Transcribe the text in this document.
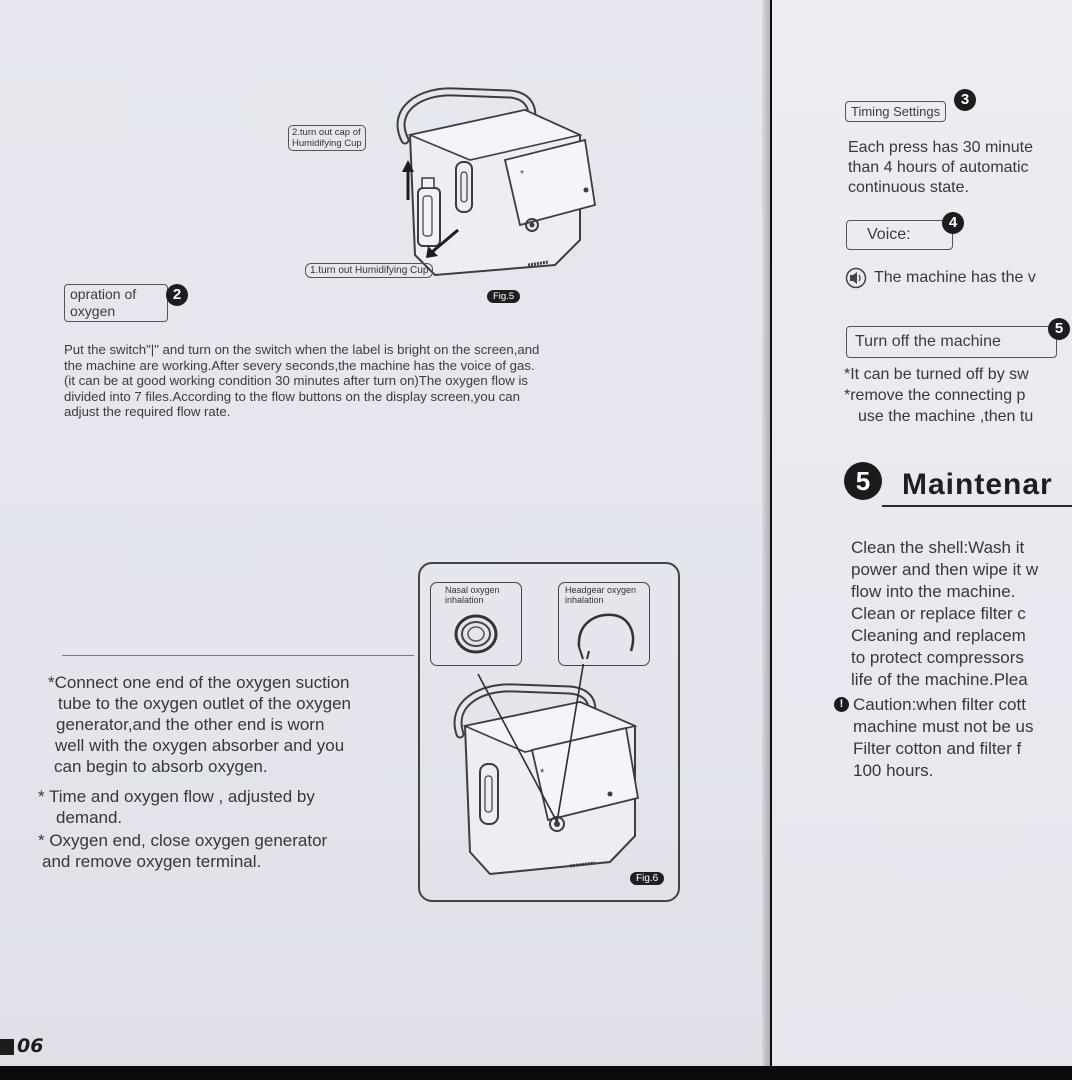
*
2.turn out cap of
Humidifying Cup
1.turn out Humidifying Cup
Fig.5
opration of
oxygen
2
Put the switch"|" and turn on the switch when the label is bright on the screen,and
the machine are working.After severy seconds,the machine has the voice of gas.
(it can be at good working condition 30 minutes after turn on)The oxygen flow is
divided into 7 files.According to the flow buttons on the display screen,you can
adjust the required flow rate.
Nasal oxygen
inhalation
Headgear oxygen
inhalation
*
Fig.6
*Connect one end of the oxygen suction
tube to the oxygen outlet of the oxygen
generator,and the other end is worn
well with the oxygen absorber and you
can begin to absorb oxygen.
* Time and oxygen flow , adjusted by
demand.
* Oxygen end, close oxygen generator
and remove oxygen terminal.
06
Timing Settings
3
Each press has 30 minute
than 4 hours of automatic
continuous state.
Voice:
4
The machine has the v
Turn off the machine
5
*It can be turned off by sw
*remove the connecting p
use the machine ,then tu
5	Maintenar
Clean the shell:Wash it
power and then wipe it w
flow into the machine.
Clean or replace filter c
Cleaning and replacem
to protect compressors
life of the machine.Plea
! Caution:when filter cott
machine must not be us
Filter cotton and filter f
100 hours.
